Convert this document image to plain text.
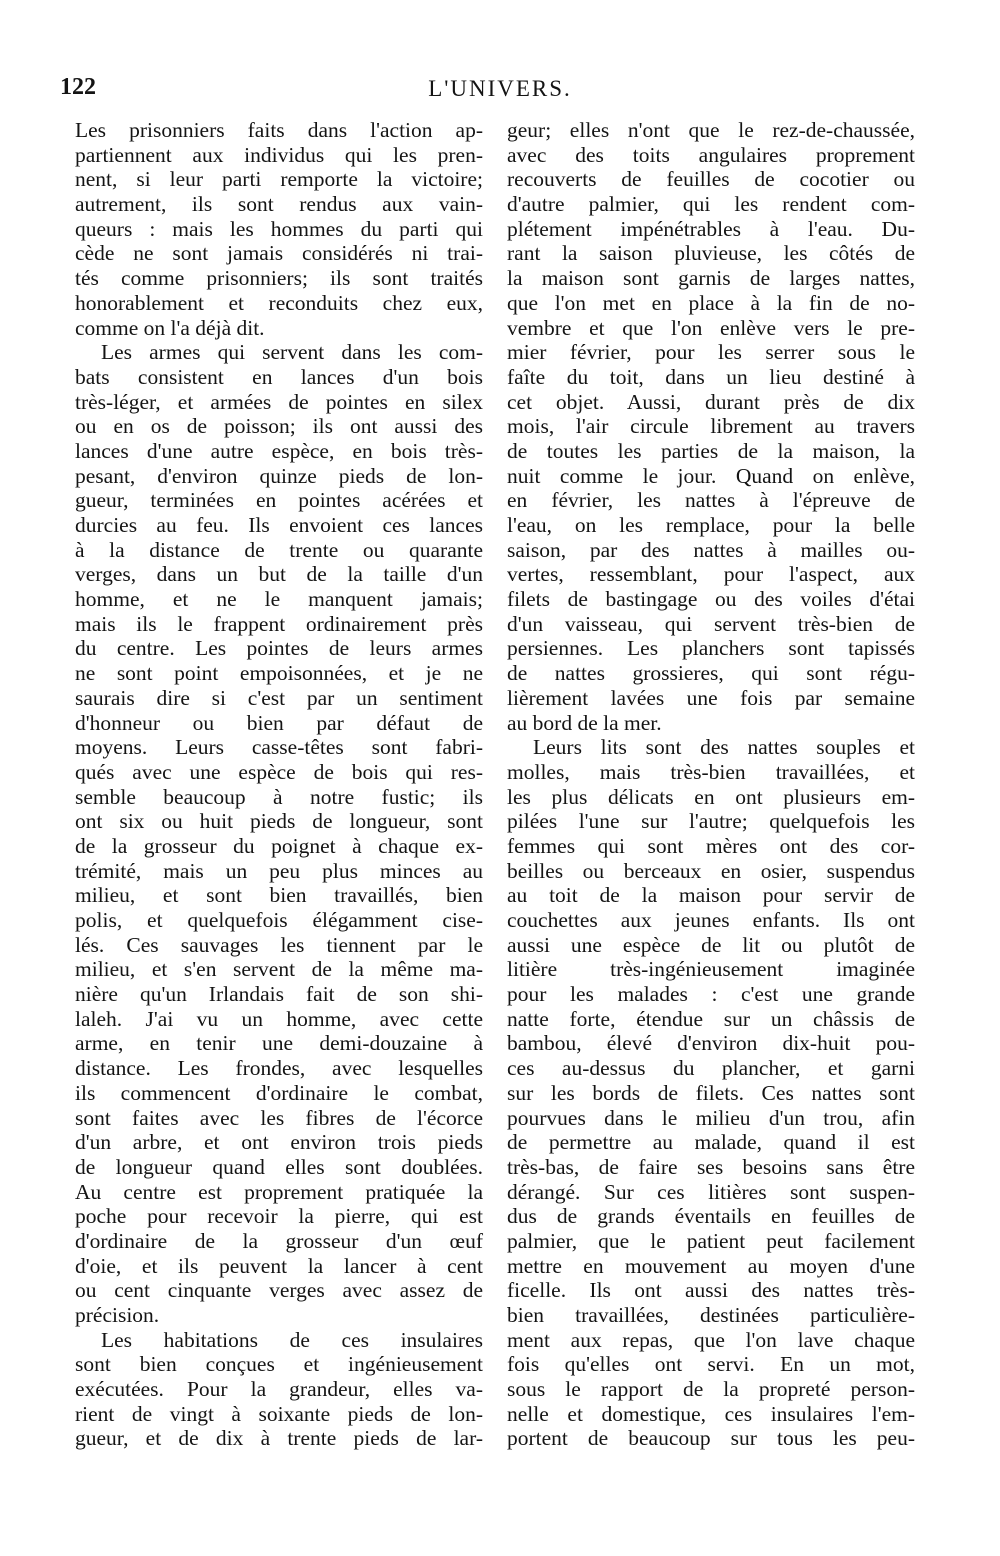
122	L'UNIVERS.
Les prisonniers faits dans l'action ap-
partiennent aux individus qui les pren-
nent, si leur parti remporte la victoire;
autrement, ils sont rendus aux vain-
queurs : mais les hommes du parti qui
cède ne sont jamais considérés ni trai-
tés comme prisonniers; ils sont traités
honorablement et reconduits chez eux,
comme on l'a déjà dit.
Les armes qui servent dans les com-
bats consistent en lances d'un bois
très-léger, et armées de pointes en silex
ou en os de poisson; ils ont aussi des
lances d'une autre espèce, en bois très-
pesant, d'environ quinze pieds de lon-
gueur, terminées en pointes acérées et
durcies au feu. Ils envoient ces lances
à la distance de trente ou quarante
verges, dans un but de la taille d'un
homme, et ne le manquent jamais;
mais ils le frappent ordinairement près
du centre. Les pointes de leurs armes
ne sont point empoisonnées, et je ne
saurais dire si c'est par un sentiment
d'honneur ou bien par défaut de
moyens. Leurs casse-têtes sont fabri-
qués avec une espèce de bois qui res-
semble beaucoup à notre fustic; ils
ont six ou huit pieds de longueur, sont
de la grosseur du poignet à chaque ex-
trémité, mais un peu plus minces au
milieu, et sont bien travaillés, bien
polis, et quelquefois élégamment cise-
lés. Ces sauvages les tiennent par le
milieu, et s'en servent de la même ma-
nière qu'un Irlandais fait de son shi-
laleh. J'ai vu un homme, avec cette
arme, en tenir une demi-douzaine à
distance. Les frondes, avec lesquelles
ils commencent d'ordinaire le combat,
sont faites avec les fibres de l'écorce
d'un arbre, et ont environ trois pieds
de longueur quand elles sont doublées.
Au centre est proprement pratiquée la
poche pour recevoir la pierre, qui est
d'ordinaire de la grosseur d'un œuf
d'oie, et ils peuvent la lancer à cent
ou cent cinquante verges avec assez de
précision.
Les habitations de ces insulaires
sont bien conçues et ingénieusement
exécutées. Pour la grandeur, elles va-
rient de vingt à soixante pieds de lon-
gueur, et de dix à trente pieds de lar-
geur; elles n'ont que le rez-de-chaussée,
avec des toits angulaires proprement
recouverts de feuilles de cocotier ou
d'autre palmier, qui les rendent com-
plétement impénétrables à l'eau. Du-
rant la saison pluvieuse, les côtés de
la maison sont garnis de larges nattes,
que l'on met en place à la fin de no-
vembre et que l'on enlève vers le pre-
mier février, pour les serrer sous le
faîte du toit, dans un lieu destiné à
cet objet. Aussi, durant près de dix
mois, l'air circule librement au travers
de toutes les parties de la maison, la
nuit comme le jour. Quand on enlève,
en février, les nattes à l'épreuve de
l'eau, on les remplace, pour la belle
saison, par des nattes à mailles ou-
vertes, ressemblant, pour l'aspect, aux
filets de bastingage ou des voiles d'étai
d'un vaisseau, qui servent très-bien de
persiennes. Les planchers sont tapissés
de nattes grossieres, qui sont régu-
lièrement lavées une fois par semaine
au bord de la mer.
Leurs lits sont des nattes souples et
molles, mais très-bien travaillées, et
les plus délicats en ont plusieurs em-
pilées l'une sur l'autre; quelquefois les
femmes qui sont mères ont des cor-
beilles ou berceaux en osier, suspendus
au toit de la maison pour servir de
couchettes aux jeunes enfants. Ils ont
aussi une espèce de lit ou plutôt de
litière très-ingénieusement imaginée
pour les malades : c'est une grande
natte forte, étendue sur un châssis de
bambou, élevé d'environ dix-huit pou-
ces au-dessus du plancher, et garni
sur les bords de filets. Ces nattes sont
pourvues dans le milieu d'un trou, afin
de permettre au malade, quand il est
très-bas, de faire ses besoins sans être
dérangé. Sur ces litières sont suspen-
dus de grands éventails en feuilles de
palmier, que le patient peut facilement
mettre en mouvement au moyen d'une
ficelle. Ils ont aussi des nattes très-
bien travaillées, destinées particulière-
ment aux repas, que l'on lave chaque
fois qu'elles ont servi. En un mot,
sous le rapport de la propreté person-
nelle et domestique, ces insulaires l'em-
portent de beaucoup sur tous les peu-
